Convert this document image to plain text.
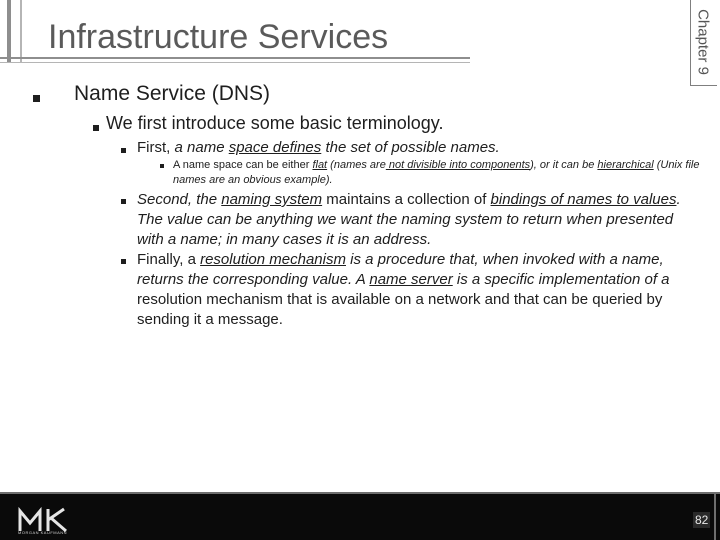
Infrastructure Services	Chapter 9
Name Service (DNS)
We first introduce some basic terminology.
First, a name space defines the set of possible names.
A name space can be either flat (names are not divisible into components), or it can be hierarchical (Unix file names are an obvious example).
Second, the naming system maintains a collection of bindings of names to values. The value can be anything we want the naming system to return when presented with a name; in many cases it is an address.
Finally, a resolution mechanism is a procedure that, when invoked with a name, returns the corresponding value. A name server is a specific implementation of a resolution mechanism that is available on a network and that can be queried by sending it a message.
MORGAN KAUFMANN
82
